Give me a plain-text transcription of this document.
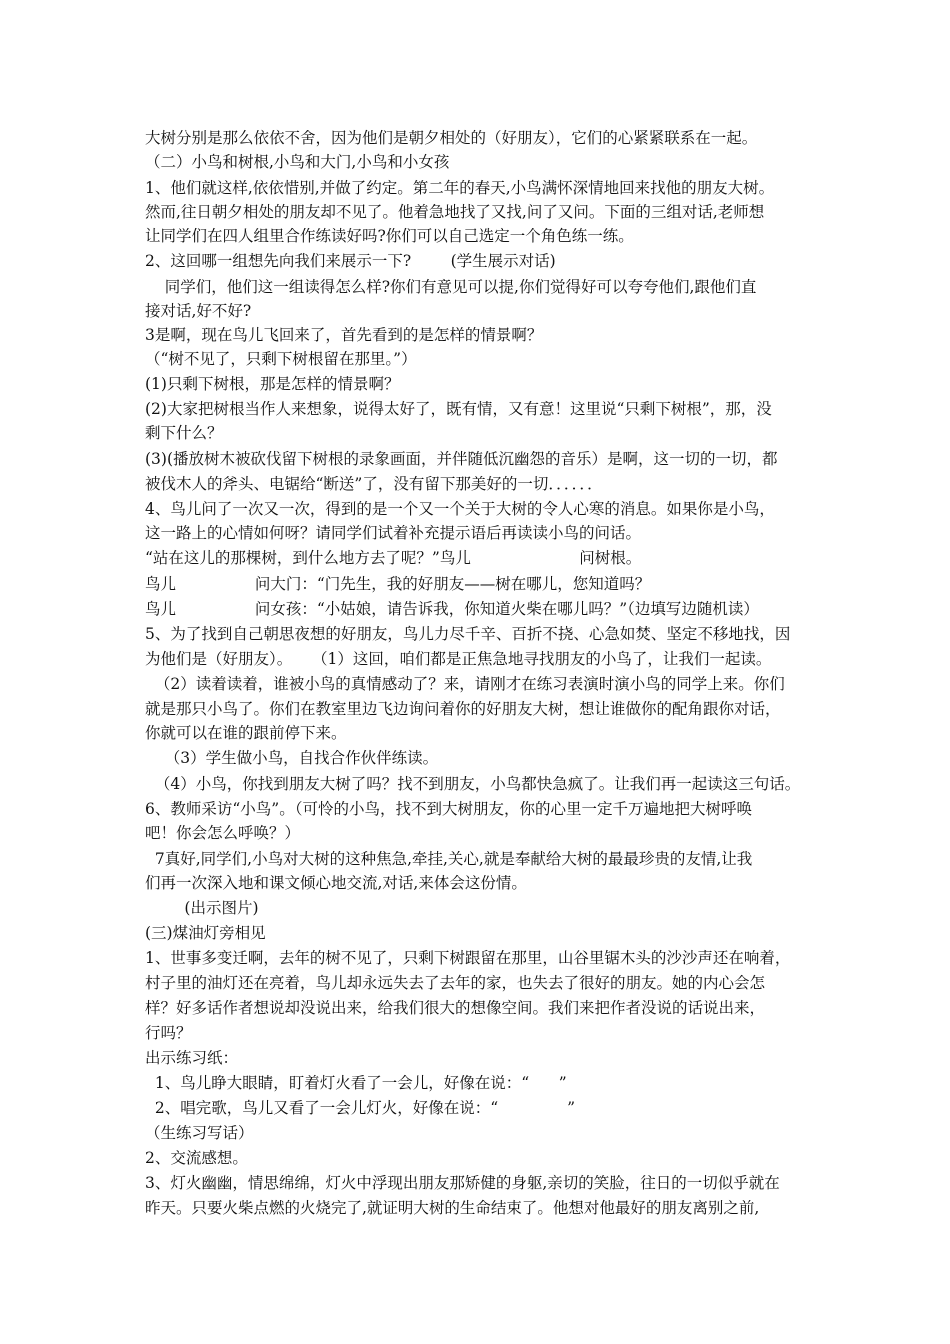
大树分别是那么依依不舍，因为他们是朝夕相处的（好朋友），它们的心紧紧联系在一起。
（二）小鸟和树根,小鸟和大门,小鸟和小女孩
1、他们就这样,依依惜别,并做了约定。第二年的春天,小鸟满怀深情地回来找他的朋友大树。
然而,往日朝夕相处的朋友却不见了。他着急地找了又找,问了又问。下面的三组对话,老师想
让同学们在四人组里合作练读好吗?你们可以自己选定一个角色练一练。
2、这回哪一组想先向我们来展示一下?        (学生展示对话)
同学们，他们这一组读得怎么样?你们有意见可以提,你们觉得好可以夸夸他们,跟他们直
接对话,好不好?
3是啊，现在鸟儿飞回来了，首先看到的是怎样的情景啊？
（“树不见了，只剩下树根留在那里。”）
(1)只剩下树根，那是怎样的情景啊？
(2)大家把树根当作人来想象，说得太好了，既有情，又有意！这里说“只剩下树根”，那，没
剩下什么？
(3)(播放树木被砍伐留下树根的录象画面，并伴随低沉幽怨的音乐）是啊，这一切的一切，都
被伐木人的斧头、电锯给“断送”了，没有留下那美好的一切．．．．．．
4、鸟儿问了一次又一次，得到的是一个又一个关于大树的令人心寒的消息。如果你是小鸟，
这一路上的心情如何呀？请同学们试着补充提示语后再读读小鸟的问话。
“站在这儿的那棵树，到什么地方去了呢？”鸟儿                      问树根。
鸟儿                问大门：“门先生，我的好朋友——树在哪儿，您知道吗？
鸟儿                问女孩：“小姑娘，请告诉我，你知道火柴在哪儿吗？”（边填写边随机读）
5、为了找到自己朝思夜想的好朋友，鸟儿力尽千辛、百折不挠、心急如焚、坚定不移地找，因
为他们是（好朋友）。    （1）这回，咱们都是正焦急地寻找朋友的小鸟了，让我们一起读。
（2）读着读着，谁被小鸟的真情感动了？来，请刚才在练习表演时演小鸟的同学上来。你们
就是那只小鸟了。你们在教室里边飞边询问着你的好朋友大树，想让谁做你的配角跟你对话，
你就可以在谁的跟前停下来。
（3）学生做小鸟，自找合作伙伴练读。
（4）小鸟，你找到朋友大树了吗？找不到朋友，小鸟都快急疯了。让我们再一起读这三句话。
6、教师采访“小鸟”。（可怜的小鸟，找不到大树朋友，你的心里一定千万遍地把大树呼唤
吧！你会怎么呼唤？）
7真好,同学们,小鸟对大树的这种焦急,牵挂,关心,就是奉献给大树的最最珍贵的友情,让我
们再一次深入地和课文倾心地交流,对话,来体会这份情。
(出示图片)
(三)煤油灯旁相见
1、世事多变迁啊，去年的树不见了，只剩下树跟留在那里，山谷里锯木头的沙沙声还在响着，
村子里的油灯还在亮着，鸟儿却永远失去了去年的家，也失去了很好的朋友。她的内心会怎
样？好多话作者想说却没说出来，给我们很大的想像空间。我们来把作者没说的话说出来，
行吗？
出示练习纸：
1、鸟儿睁大眼睛，盯着灯火看了一会儿，好像在说：“      ”
2、唱完歌，鸟儿又看了一会儿灯火，好像在说：“              ”
（生练习写话）
2、交流感想。
3、灯火幽幽，情思绵绵，灯火中浮现出朋友那矫健的身躯,亲切的笑脸，往日的一切似乎就在
昨天。只要火柴点燃的火烧完了,就证明大树的生命结束了。他想对他最好的朋友离别之前,
